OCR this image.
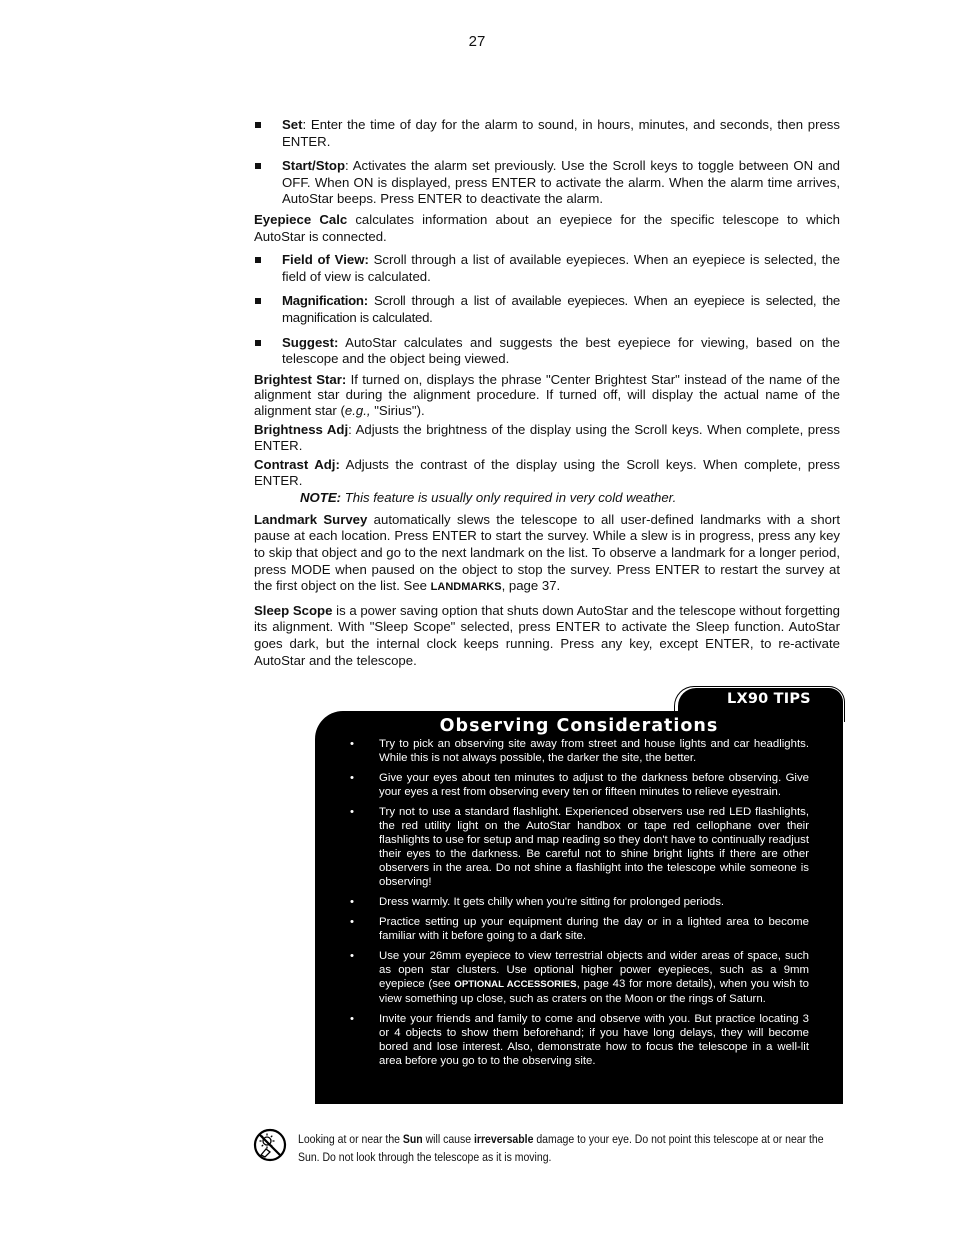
27
Set: Enter the time of day for the alarm to sound, in hours, minutes, and seconds, then press ENTER.
Start/Stop: Activates the alarm set previously. Use the Scroll keys to toggle between ON and OFF. When ON is displayed, press ENTER to activate the alarm. When the alarm time arrives, AutoStar beeps. Press ENTER to deactivate the alarm.
Eyepiece Calc calculates information about an eyepiece for the specific telescope to which AutoStar is connected.
Field of View: Scroll through a list of available eyepieces. When an eyepiece is selected, the field of view is calculated.
Magnification: Scroll through a list of available eyepieces. When an eyepiece is selected, the magnification is calculated.
Suggest: AutoStar calculates and suggests the best eyepiece for viewing, based on the telescope and the object being viewed.
Brightest Star: If turned on, displays the phrase "Center Brightest Star" instead of the name of the alignment star during the alignment procedure. If turned off, will display the actual name of the alignment star (e.g., "Sirius").
Brightness Adj: Adjusts the brightness of the display using the Scroll keys. When complete, press ENTER.
Contrast Adj: Adjusts the contrast of the display using the Scroll keys. When complete, press ENTER.
NOTE: This feature is usually only required in very cold weather.
Landmark Survey automatically slews the telescope to all user-defined landmarks with a short pause at each location. Press ENTER to start the survey. While a slew is in progress, press any key to skip that object and go to the next landmark on the list. To observe a landmark for a longer period, press MODE when paused on the object to stop the survey. Press ENTER to restart the survey at the first object on the list. See LANDMARKS, page 37.
Sleep Scope is a power saving option that shuts down AutoStar and the telescope without forgetting its alignment. With "Sleep Scope" selected, press ENTER to activate the Sleep function. AutoStar goes dark, but the internal clock keeps running. Press any key, except ENTER, to re-activate AutoStar and the telescope.
LX90 TIPS
Observing Considerations
• Try to pick an observing site away from street and house lights and car headlights. While this is not always possible, the darker the site, the better.
• Give your eyes about ten minutes to adjust to the darkness before observing. Give your eyes a rest from observing every ten or fifteen minutes to relieve eyestrain.
• Try not to use a standard flashlight. Experienced observers use red LED flashlights, the red utility light on the AutoStar handbox or tape red cellophane over their flashlights to use for setup and map reading so they don't have to continually readjust their eyes to the darkness. Be careful not to shine bright lights if there are other observers in the area. Do not shine a flashlight into the telescope while someone is observing!
• Dress warmly. It gets chilly when you're sitting for prolonged periods.
• Practice setting up your equipment during the day or in a lighted area to become familiar with it before going to a dark site.
• Use your 26mm eyepiece to view terrestrial objects and wider areas of space, such as open star clusters. Use optional higher power eyepieces, such as a 9mm eyepiece (see OPTIONAL ACCESSORIES, page 43 for more details), when you wish to view something up close, such as craters on the Moon or the rings of Saturn.
• Invite your friends and family to come and observe with you. But practice locating 3 or 4 objects to show them beforehand; if you have long delays, they will become bored and lose interest. Also, demonstrate how to focus the telescope in a well-lit area before you go to to the observing site.
Looking at or near the Sun will cause irreversable damage to your eye. Do not point this telescope at or near the Sun. Do not look through the telescope as it is moving.
